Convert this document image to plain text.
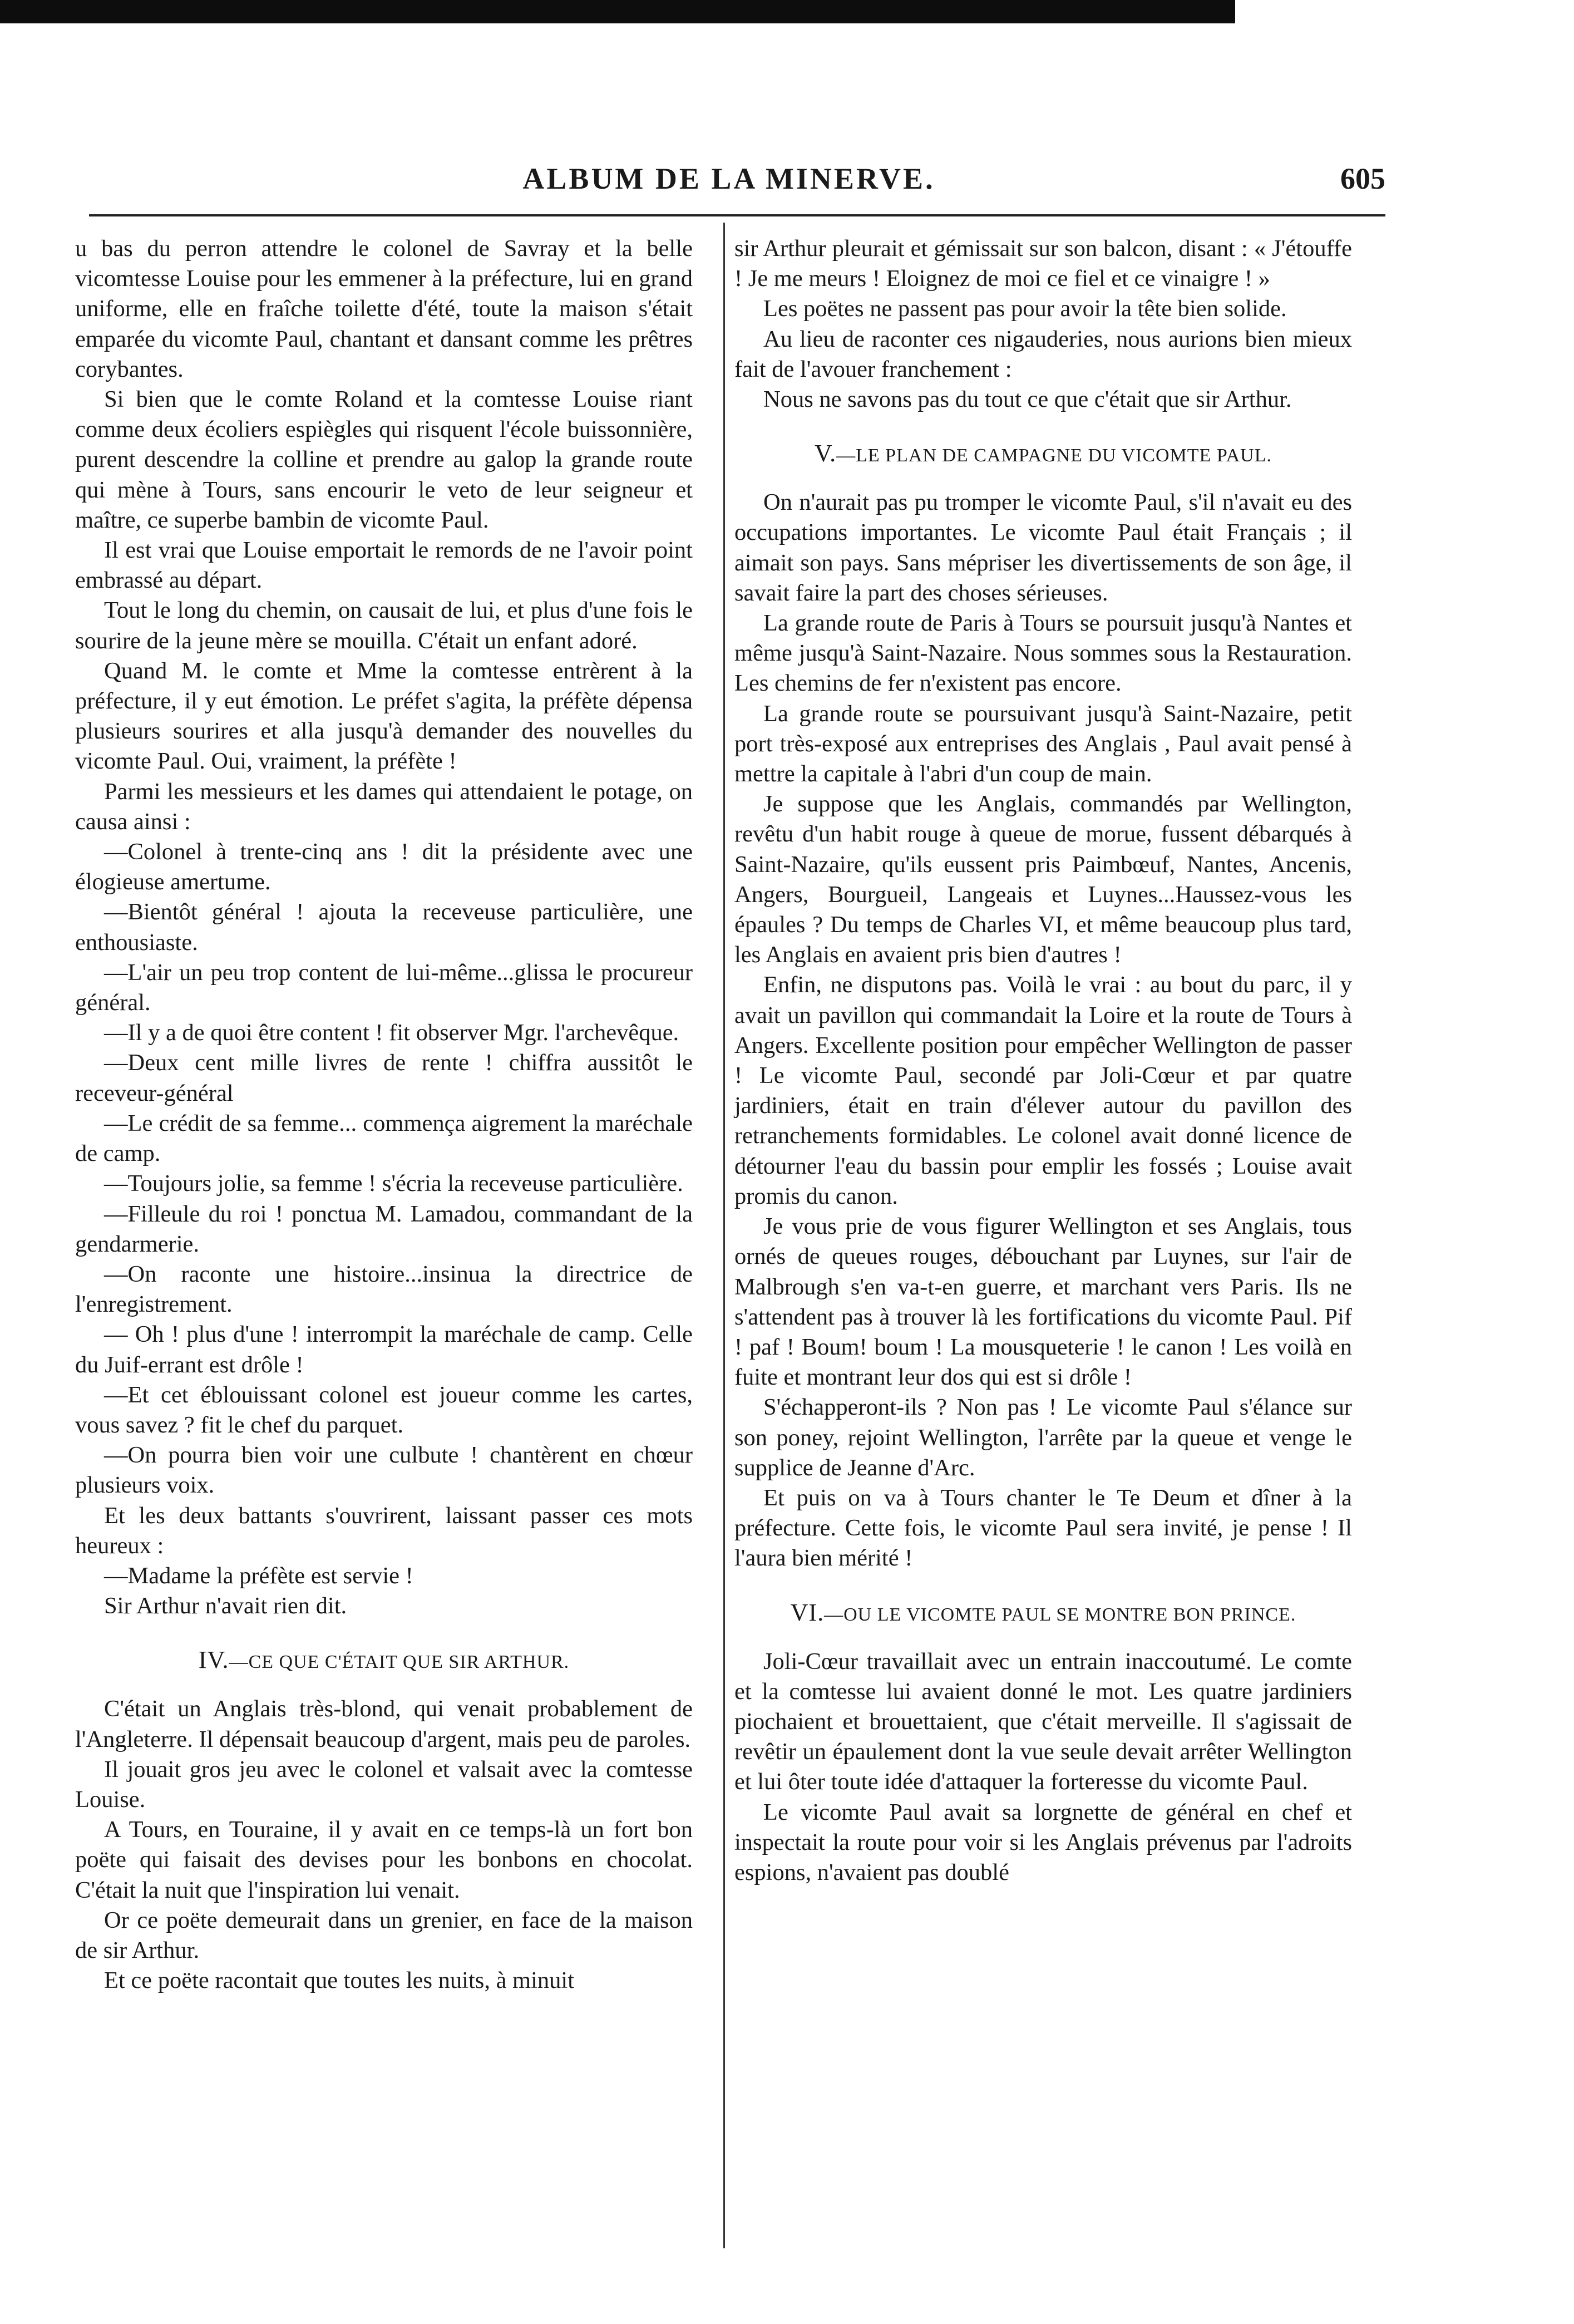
ALBUM DE LA MINERVE.	605

u bas du perron attendre le colonel de Savray et la belle vicomtesse Louise pour les emmener à la préfecture, lui en grand uniforme, elle en fraîche toilette d'été, toute la maison s'était emparée du vicomte Paul, chantant et dansant comme les prêtres corybantes.

Si bien que le comte Roland et la comtesse Louise riant comme deux écoliers espiègles qui risquent l'école buissonnière, purent descendre la colline et prendre au galop la grande route qui mène à Tours, sans encourir le veto de leur seigneur et maître, ce superbe bambin de vicomte Paul.

Il est vrai que Louise emportait le remords de ne l'avoir point embrassé au départ.

Tout le long du chemin, on causait de lui, et plus d'une fois le sourire de la jeune mère se mouilla. C'était un enfant adoré.

Quand M. le comte et Mme la comtesse entrèrent à la préfecture, il y eut émotion. Le préfet s'agita, la préfète dépensa plusieurs sourires et alla jusqu'à demander des nouvelles du vicomte Paul. Oui, vraiment, la préfète !

Parmi les messieurs et les dames qui attendaient le potage, on causa ainsi :

—Colonel à trente-cinq ans ! dit la présidente avec une élogieuse amertume.

—Bientôt général ! ajouta la receveuse particulière, une enthousiaste.

—L'air un peu trop content de lui-même...glissa le procureur général.

—Il y a de quoi être content ! fit observer Mgr. l'archevêque.

—Deux cent mille livres de rente ! chiffra aussitôt le receveur-général

—Le crédit de sa femme... commença aigrement la maréchale de camp.

—Toujours jolie, sa femme ! s'écria la receveuse particulière.

—Filleule du roi ! ponctua M. Lamadou, commandant de la gendarmerie.

—On raconte une histoire...insinua la directrice de l'enregistrement.

— Oh ! plus d'une ! interrompit la maréchale de camp. Celle du Juif-errant est drôle !

—Et cet éblouissant colonel est joueur comme les cartes, vous savez ? fit le chef du parquet.

—On pourra bien voir une culbute ! chantèrent en chœur plusieurs voix.

Et les deux battants s'ouvrirent, laissant passer ces mots heureux :

—Madame la préfète est servie !

Sir Arthur n'avait rien dit.

IV.—CE QUE C'ÉTAIT QUE SIR ARTHUR.

C'était un Anglais très-blond, qui venait probablement de l'Angleterre. Il dépensait beaucoup d'argent, mais peu de paroles.

Il jouait gros jeu avec le colonel et valsait avec la comtesse Louise.

A Tours, en Touraine, il y avait en ce temps-là un fort bon poëte qui faisait des devises pour les bonbons en chocolat. C'était la nuit que l'inspiration lui venait.

Or ce poëte demeurait dans un grenier, en face de la maison de sir Arthur.

Et ce poëte racontait que toutes les nuits, à minuit

sir Arthur pleurait et gémissait sur son balcon, disant : « J'étouffe ! Je me meurs ! Eloignez de moi ce fiel et ce vinaigre ! »

Les poëtes ne passent pas pour avoir la tête bien solide.

Au lieu de raconter ces nigauderies, nous aurions bien mieux fait de l'avouer franchement :

Nous ne savons pas du tout ce que c'était que sir Arthur.

V.—LE PLAN DE CAMPAGNE DU VICOMTE PAUL.

On n'aurait pas pu tromper le vicomte Paul, s'il n'avait eu des occupations importantes. Le vicomte Paul était Français ; il aimait son pays. Sans mépriser les divertissements de son âge, il savait faire la part des choses sérieuses.

La grande route de Paris à Tours se poursuit jusqu'à Nantes et même jusqu'à Saint-Nazaire. Nous sommes sous la Restauration. Les chemins de fer n'existent pas encore.

La grande route se poursuivant jusqu'à Saint-Nazaire, petit port très-exposé aux entreprises des Anglais , Paul avait pensé à mettre la capitale à l'abri d'un coup de main.

Je suppose que les Anglais, commandés par Wellington, revêtu d'un habit rouge à queue de morue, fussent débarqués à Saint-Nazaire, qu'ils eussent pris Paimbœuf, Nantes, Ancenis, Angers, Bourgueil, Langeais et Luynes...Haussez-vous les épaules ? Du temps de Charles VI, et même beaucoup plus tard, les Anglais en avaient pris bien d'autres !

Enfin, ne disputons pas. Voilà le vrai : au bout du parc, il y avait un pavillon qui commandait la Loire et la route de Tours à Angers. Excellente position pour empêcher Wellington de passer ! Le vicomte Paul, secondé par Joli-Cœur et par quatre jardiniers, était en train d'élever autour du pavillon des retranchements formidables. Le colonel avait donné licence de détourner l'eau du bassin pour emplir les fossés ; Louise avait promis du canon.

Je vous prie de vous figurer Wellington et ses Anglais, tous ornés de queues rouges, débouchant par Luynes, sur l'air de Malbrough s'en va-t-en guerre, et marchant vers Paris. Ils ne s'attendent pas à trouver là les fortifications du vicomte Paul. Pif ! paf ! Boum! boum ! La mousqueterie ! le canon ! Les voilà en fuite et montrant leur dos qui est si drôle !

S'échapperont-ils ? Non pas ! Le vicomte Paul s'élance sur son poney, rejoint Wellington, l'arrête par la queue et venge le supplice de Jeanne d'Arc.

Et puis on va à Tours chanter le Te Deum et dîner à la préfecture. Cette fois, le vicomte Paul sera invité, je pense ! Il l'aura bien mérité !

VI.—OU LE VICOMTE PAUL SE MONTRE BON PRINCE.

Joli-Cœur travaillait avec un entrain inaccoutumé. Le comte et la comtesse lui avaient donné le mot. Les quatre jardiniers piochaient et brouettaient, que c'était merveille. Il s'agissait de revêtir un épaulement dont la vue seule devait arrêter Wellington et lui ôter toute idée d'attaquer la forteresse du vicomte Paul.

Le vicomte Paul avait sa lorgnette de général en chef et inspectait la route pour voir si les Anglais prévenus par l'adroits espions, n'avaient pas doublé
